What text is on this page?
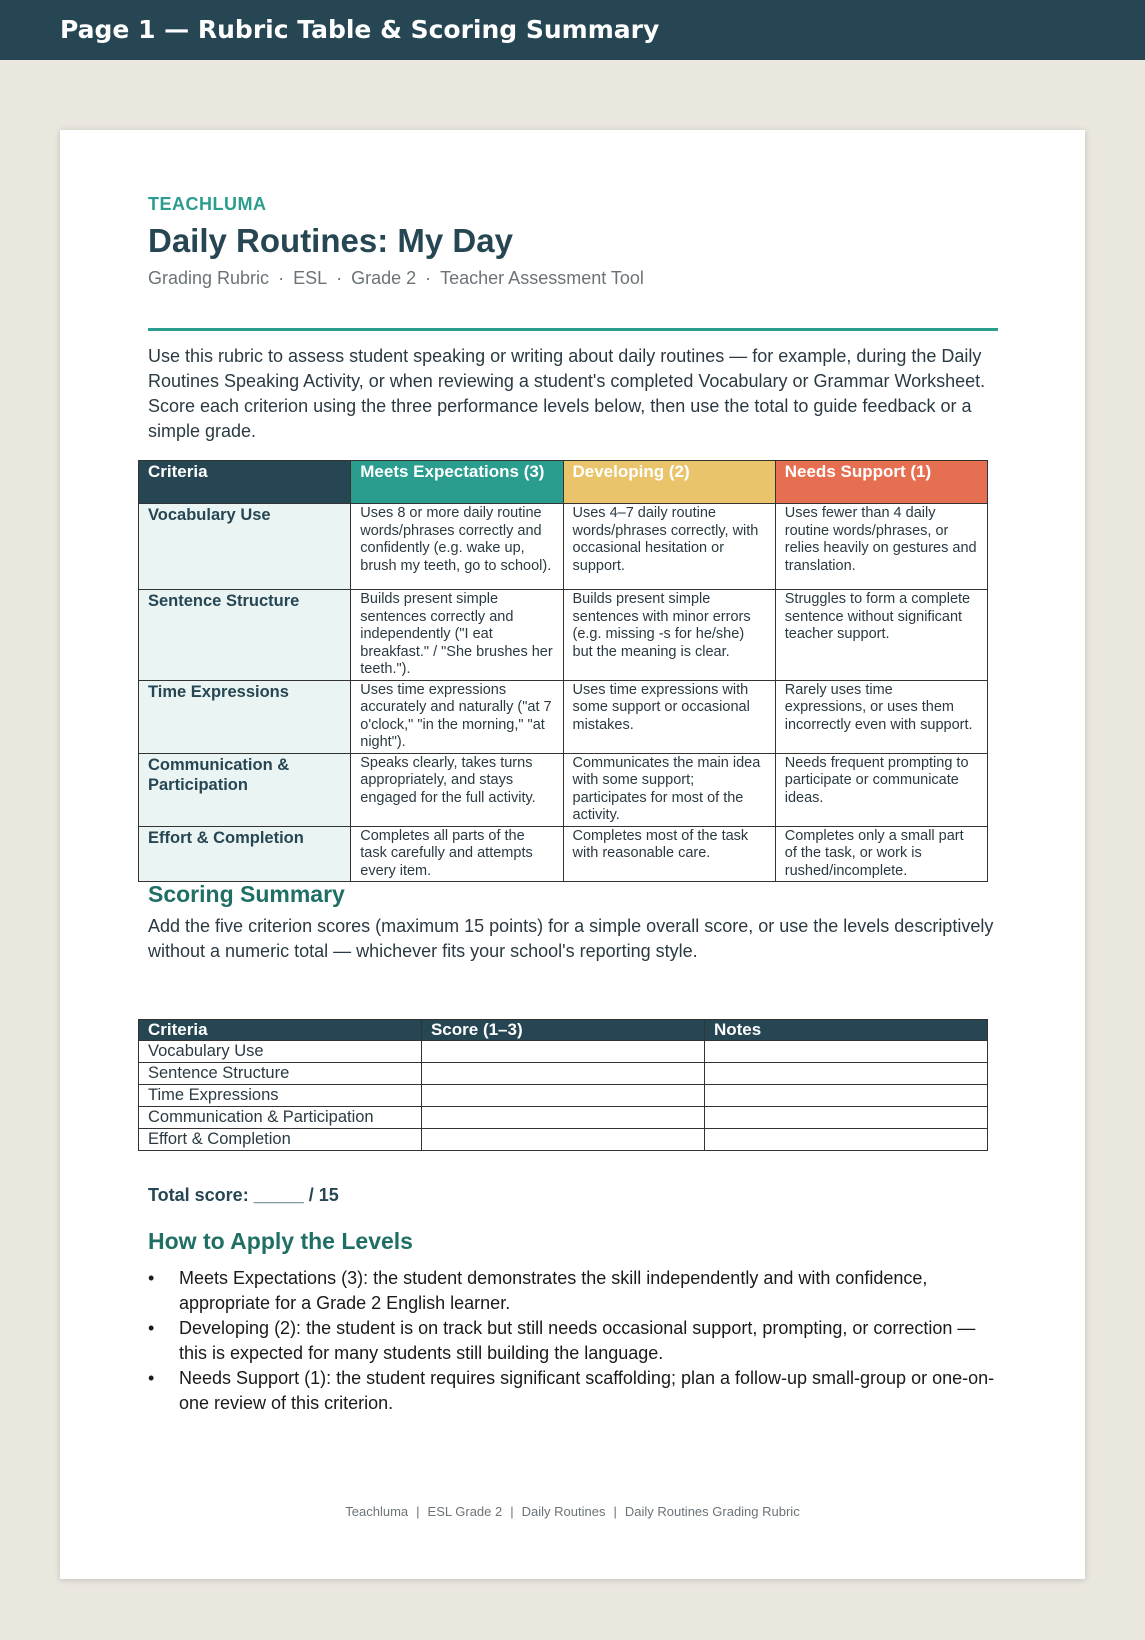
Page 1 — Rubric Table & Scoring Summary
TEACHLUMA
Daily Routines: My Day
Grading Rubric · ESL · Grade 2 · Teacher Assessment Tool

Use this rubric to assess student speaking or writing about daily routines — for example, during the Daily Routines Speaking Activity, or when reviewing a student's completed Vocabulary or Grammar Worksheet. Score each criterion using the three performance levels below, then use the total to guide feedback or a simple grade.

Criteria	Meets Expectations (3)	Developing (2)	Needs Support (1)
Vocabulary Use	Uses 8 or more daily routine words/phrases correctly and confidently (e.g. wake up, brush my teeth, go to school).	Uses 4–7 daily routine words/phrases correctly, with occasional hesitation or support.	Uses fewer than 4 daily routine words/phrases, or relies heavily on gestures and translation.
Sentence Structure	Builds present simple sentences correctly and independently ("I eat breakfast." / "She brushes her teeth.").	Builds present simple sentences with minor errors (e.g. missing -s for he/she) but the meaning is clear.	Struggles to form a complete sentence without significant teacher support.
Time Expressions	Uses time expressions accurately and naturally ("at 7 o'clock," "in the morning," "at night").	Uses time expressions with some support or occasional mistakes.	Rarely uses time expressions, or uses them incorrectly even with support.
Communication & Participation	Speaks clearly, takes turns appropriately, and stays engaged for the full activity.	Communicates the main idea with some support; participates for most of the activity.	Needs frequent prompting to participate or communicate ideas.
Effort & Completion	Completes all parts of the task carefully and attempts every item.	Completes most of the task with reasonable care.	Completes only a small part of the task, or work is rushed/incomplete.
Scoring Summary

Add the five criterion scores (maximum 15 points) for a simple overall score, or use the levels descriptively without a numeric total — whichever fits your school's reporting style.

Criteria	Score (1–3)	Notes
Vocabulary Use		
Sentence Structure		
Time Expressions		
Communication & Participation		
Effort & Completion		
Total score: _____ / 15
How to Apply the Levels
• Meets Expectations (3): the student demonstrates the skill independently and with confidence, appropriate for a Grade 2 English learner.
• Developing (2): the student is on track but still needs occasional support, prompting, or correction — this is expected for many students still building the language.
• Needs Support (1): the student requires significant scaffolding; plan a follow-up small-group or one-on-one review of this criterion.
Teachluma | ESL Grade 2 | Daily Routines | Daily Routines Grading Rubric
